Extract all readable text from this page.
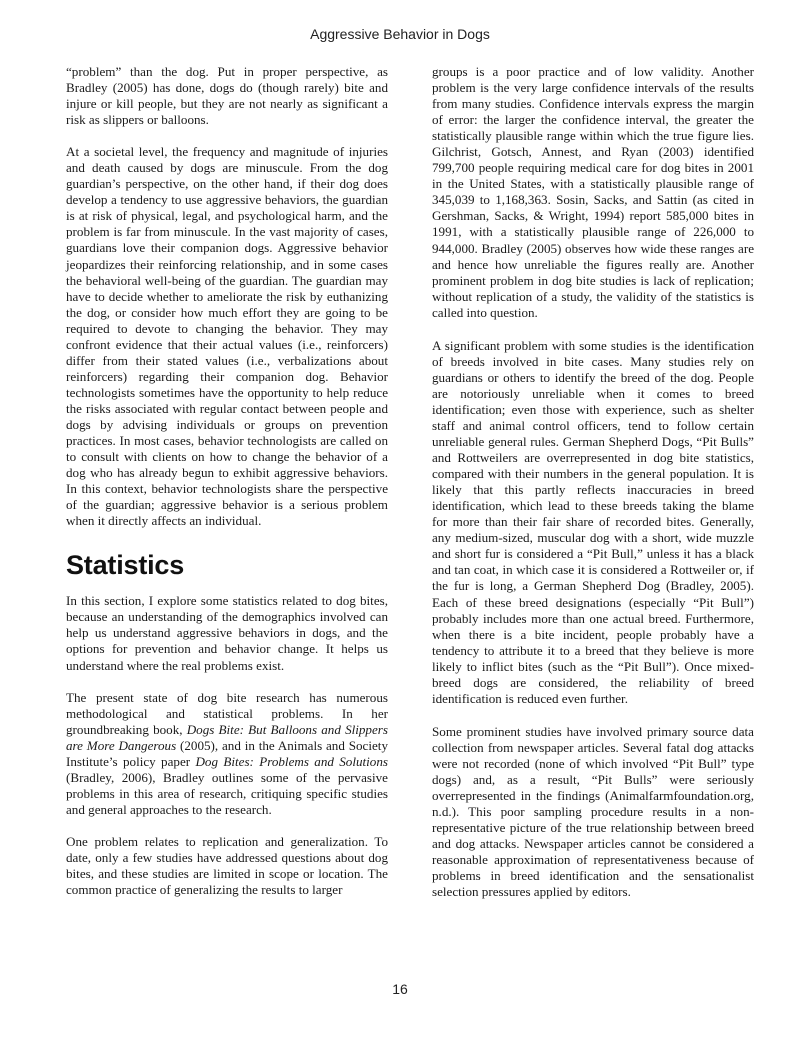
Aggressive Behavior in Dogs

“problem” than the dog. Put in proper perspective, as Bradley (2005) has done, dogs do (though rarely) bite and injure or kill people, but they are not nearly as significant a risk as slippers or balloons.

At a societal level, the frequency and magnitude of injuries and death caused by dogs are minuscule. From the dog guardian’s perspective, on the other hand, if their dog does develop a tendency to use aggressive behaviors, the guardian is at risk of physical, legal, and psychological harm, and the problem is far from minuscule. In the vast majority of cases, guardians love their companion dogs. Aggressive behavior jeopardizes their reinforcing relationship, and in some cases the behavioral well-being of the guardian. The guardian may have to decide whether to ameliorate the risk by euthanizing the dog, or consider how much effort they are going to be required to devote to changing the behavior. They may confront evidence that their actual values (i.e., reinforcers) differ from their stated values (i.e., verbalizations about reinforcers) regarding their companion dog. Behavior technologists sometimes have the opportunity to help reduce the risks associated with regular contact between people and dogs by advising individuals or groups on prevention practices. In most cases, behavior technologists are called on to consult with clients on how to change the behavior of a dog who has already begun to exhibit aggressive behaviors. In this context, behavior technologists share the perspective of the guardian; aggressive behavior is a serious problem when it directly affects an individual.

Statistics

In this section, I explore some statistics related to dog bites, because an understanding of the demographics involved can help us understand aggressive behaviors in dogs, and the options for prevention and behavior change. It helps us understand where the real problems exist.

The present state of dog bite research has numerous methodological and statistical problems. In her groundbreaking book, Dogs Bite: But Balloons and Slippers are More Dangerous (2005), and in the Animals and Society Institute’s policy paper Dog Bites: Problems and Solutions (Bradley, 2006), Bradley outlines some of the pervasive problems in this area of research, critiquing specific studies and general approaches to the research.

One problem relates to replication and generalization. To date, only a few studies have addressed questions about dog bites, and these studies are limited in scope or location. The common practice of generalizing the results to larger

groups is a poor practice and of low validity. Another problem is the very large confidence intervals of the results from many studies. Confidence intervals express the margin of error: the larger the confidence interval, the greater the statistically plausible range within which the true figure lies. Gilchrist, Gotsch, Annest, and Ryan (2003) identified 799,700 people requiring medical care for dog bites in 2001 in the United States, with a statistically plausible range of 345,039 to 1,168,363. Sosin, Sacks, and Sattin (as cited in Gershman, Sacks, & Wright, 1994) report 585,000 bites in 1991, with a statistically plausible range of 226,000 to 944,000. Bradley (2005) observes how wide these ranges are and hence how unreliable the figures really are. Another prominent problem in dog bite studies is lack of replication; without replication of a study, the validity of the statistics is called into question.

A significant problem with some studies is the identification of breeds involved in bite cases. Many studies rely on guardians or others to identify the breed of the dog. People are notoriously unreliable when it comes to breed identification; even those with experience, such as shelter staff and animal control officers, tend to follow certain unreliable general rules. German Shepherd Dogs, “Pit Bulls” and Rottweilers are overrepresented in dog bite statistics, compared with their numbers in the general population. It is likely that this partly reflects inaccuracies in breed identification, which lead to these breeds taking the blame for more than their fair share of recorded bites. Generally, any medium-sized, muscular dog with a short, wide muzzle and short fur is considered a “Pit Bull,” unless it has a black and tan coat, in which case it is considered a Rottweiler or, if the fur is long, a German Shepherd Dog (Bradley, 2005). Each of these breed designations (especially “Pit Bull”) probably includes more than one actual breed. Furthermore, when there is a bite incident, people probably have a tendency to attribute it to a breed that they believe is more likely to inflict bites (such as the “Pit Bull”). Once mixed-breed dogs are considered, the reliability of breed identification is reduced even further.

Some prominent studies have involved primary source data collection from newspaper articles. Several fatal dog attacks were not recorded (none of which involved “Pit Bull” type dogs) and, as a result, “Pit Bulls” were seriously overrepresented in the findings (Animalfarmfoundation.org, n.d.). This poor sampling procedure results in a non-representative picture of the true relationship between breed and dog attacks. Newspaper articles cannot be considered a reasonable approximation of representativeness because of problems in breed identification and the sensationalist selection pressures applied by editors.

16
